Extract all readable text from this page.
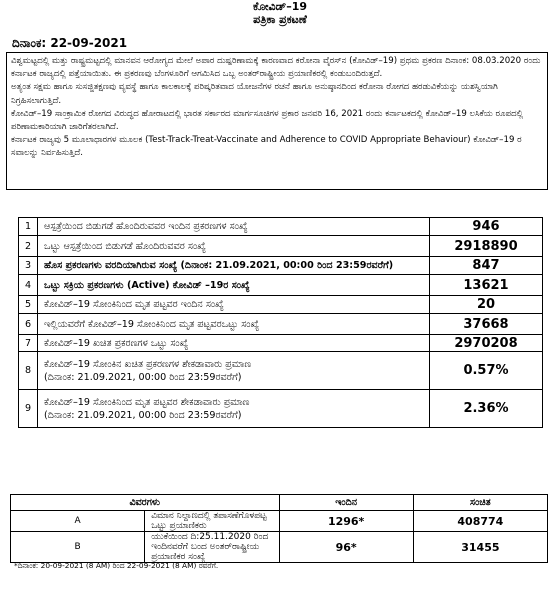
ಕೋವಿಡ್–19
ಪತ್ರಿಕಾ ಪ್ರಕಟಣೆ
ದಿನಾಂಕ: 22-09-2021

ವಿಶ್ವಮಟ್ಟದಲ್ಲಿ ಮತ್ತು ರಾಷ್ಟ್ರಮಟ್ಟದಲ್ಲಿ ಮಾನವನ ಆರೋಗ್ಯದ ಮೇಲೆ ಅಪಾರ ದುಷ್ಪರಿಣಾಮಕ್ಕೆ ಕಾರಣವಾದ ಕರೋನಾ ವೈರಸ್‌ನ (ಕೋವಿಡ್–19) ಪ್ರಥಮ ಪ್ರಕರಣ ದಿನಾಂಕ: 08.03.2020 ರಂದು ಕರ್ನಾಟಕ ರಾಜ್ಯದಲ್ಲಿ ಪತ್ತೆಯಾಯಿತು. ಈ ಪ್ರಕರಣವು ಬೆಂಗಳೂರಿಗೆ ಆಗಮಿಸಿದ ಒಬ್ಬ ಅಂತರ್‌ರಾಷ್ಟ್ರೀಯ ಪ್ರಯಾಣಿಕರಲ್ಲಿ ಕಂಡುಬಂದಿರುತ್ತದೆ.

ಅತ್ಯಂತ ಸಕ್ಷಮ ಹಾಗೂ ಸುಸಜ್ಜಿತಕ್ಷಣವು ವ್ಯವಸ್ಥೆ ಹಾಗೂ ಕಾಲಕಾಲಕ್ಕೆ ಪರಿಷ್ಕರಿತವಾದ ಯೋಜನೆಗಳ ರಚನೆ ಹಾಗೂ ಅನುಷ್ಠಾನದಿಂದ ಕರೋನಾ ರೋಗದ ಹರಡುವಿಕೆಯನ್ನು ಯಶಸ್ವಿಯಾಗಿ ನಿಗ್ರಹಿಸಲಾಗುತ್ತಿದೆ.

ಕೋವಿಡ್–19 ಸಾಂಕ್ರಾಮಿಕ ರೋಗದ ವಿರುದ್ಧದ ಹೋರಾಟದಲ್ಲಿ ಭಾರತ ಸರ್ಕಾರದ ಮಾರ್ಗಸೂಚಿಗಳ ಪ್ರಕಾರ ಜನವರಿ 16, 2021 ರಂದು ಕರ್ನಾಟಕದಲ್ಲಿ ಕೋವಿಡ್–19 ಲಸಿಕೆಯ ರೂಪದಲ್ಲಿ ಪರಿಣಾಮಕಾರಿಯಾಗಿ ಜಾರಿಗೆತರಲಾಗಿದೆ.

ಕರ್ನಾಟಕ ರಾಜ್ಯವು 5 ಮೂಲಾಧಾರಗಳ ಮೂಲಕ (Test-Track-Treat-Vaccinate and Adherence to COVID Appropriate Behaviour) ಕೋವಿಡ್–19 ರ ಸವಾಲನ್ನು ನಿರ್ವಹಿಸುತ್ತಿದೆ.

1	ಆಸ್ಪತ್ರೆಯಿಂದ ಬಿಡುಗಡೆ ಹೊಂದಿರುವವರ ಇಂದಿನ ಪ್ರಕರಣಗಳ ಸಂಖ್ಯೆ	946
2	ಒಟ್ಟು ಆಸ್ಪತ್ರೆಯಿಂದ ಬಿಡುಗಡೆ ಹೊಂದಿರುವವರ ಸಂಖ್ಯೆ	2918890
3	ಹೊಸ ಪ್ರಕರಣಗಳು ವರದಿಯಾಗಿರುವ ಸಂಖ್ಯೆ (ದಿನಾಂಕ: 21.09.2021, 00:00 ರಿಂದ 23:59ರವರೆಗೆ)	847
4	ಒಟ್ಟು ಸಕ್ರಿಯ ಪ್ರಕರಣಗಳು (Active) ಕೋವಿಡ್ –19ರ ಸಂಖ್ಯೆ	13621
5	ಕೋವಿಡ್–19 ಸೋಂಕಿನಿಂದ ಮೃತ ಪಟ್ಟವರ ಇಂದಿನ ಸಂಖ್ಯೆ	20
6	ಇಲ್ಲಿಯವರೆಗೆ ಕೋವಿಡ್–19 ಸೋಂಕಿನಿಂದ ಮೃತ ಪಟ್ಟವರಒಟ್ಟು ಸಂಖ್ಯೆ	37668
7	ಕೋವಿಡ್–19 ಖಚಿತ ಪ್ರಕರಣಗಳ ಒಟ್ಟು ಸಂಖ್ಯೆ	2970208
8	ಕೋವಿಡ್–19 ಸೋಂಕಿನ ಖಚಿತ ಪ್ರಕರಣಗಳ ಶೇಕಡಾವಾರು ಪ್ರಮಾಣ
(ದಿನಾಂಕ: 21.09.2021, 00:00 ರಿಂದ 23:59ರವರೆಗೆ)	0.57%
9	ಕೋವಿಡ್–19 ಸೋಂಕಿನಿಂದ ಮೃತ ಪಟ್ಟವರ ಶೇಕಡಾವಾರು ಪ್ರಮಾಣ
(ದಿನಾಂಕ: 21.09.2021, 00:00 ರಿಂದ 23:59ರವರೆಗೆ)	2.36%
ವಿವರಗಳು		ಇಂದಿನ	ಸಂಚಿತ
A	ವಿಮಾನ ನಿಲ್ದಾಣದಲ್ಲಿ ತಪಾಸಣೆಗೊಳಪಟ್ಟ ಒಟ್ಟು ಪ್ರಯಾಣಿಕರು	1296*	408774
B	ಯುಕೆಯಿಂದ ದಿ:25.11.2020 ರಿಂದ ಇಂದಿನವರೆಗೆ ಬಂದ ಅಂತರ್‌ರಾಷ್ಟ್ರೀಯ ಪ್ರಯಾಣಿಕರ ಸಂಖ್ಯೆ	96*	31455
*ದಿನಾಂಕ: 20-09-2021 (8 AM) ರಿಂದ 22-09-2021 (8 AM) ರವರೆಗೆ.
